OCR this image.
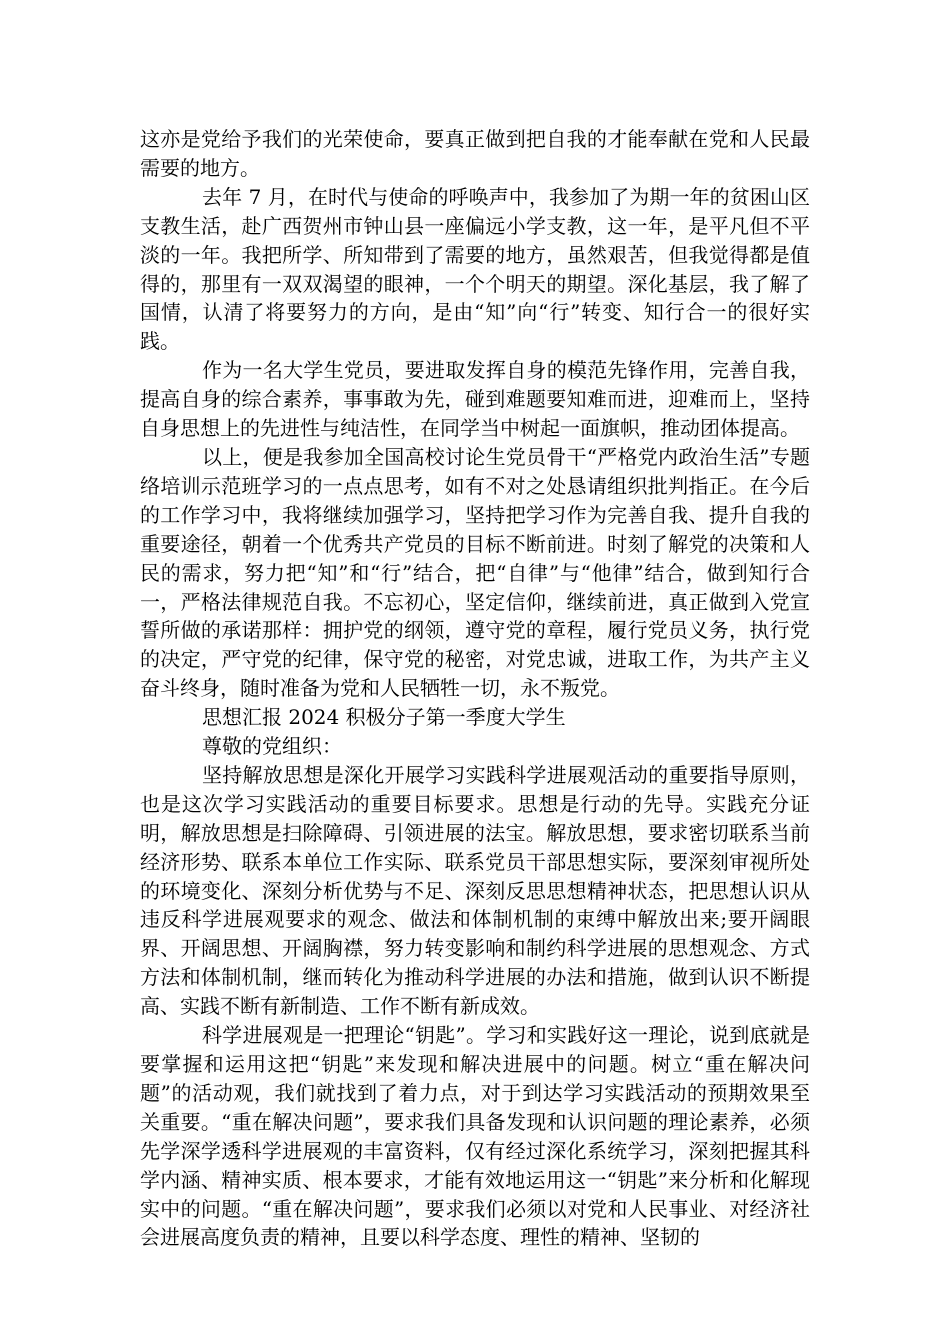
这亦是党给予我们的光荣使命，要真正做到把自我的才能奉献在党和人民最需要的地方。

去年 7 月，在时代与使命的呼唤声中，我参加了为期一年的贫困山区支教生活，赴广西贺州市钟山县一座偏远小学支教，这一年，是平凡但不平淡的一年。我把所学、所知带到了需要的地方，虽然艰苦，但我觉得都是值得的，那里有一双双渴望的眼神，一个个明天的期望。深化基层，我了解了国情，认清了将要努力的方向，是由“知”向“行”转变、知行合一的很好实践。

作为一名大学生党员，要进取发挥自身的模范先锋作用，完善自我，提高自身的综合素养，事事敢为先，碰到难题要知难而进，迎难而上，坚持自身思想上的先进性与纯洁性，在同学当中树起一面旗帜，推动团体提高。

以上，便是我参加全国高校讨论生党员骨干“严格党内政治生活”专题络培训示范班学习的一点点思考，如有不对之处恳请组织批判指正。在今后的工作学习中，我将继续加强学习，坚持把学习作为完善自我、提升自我的重要途径，朝着一个优秀共产党员的目标不断前进。时刻了解党的决策和人民的需求，努力把“知”和“行”结合，把“自律”与“他律”结合，做到知行合一，严格法律规范自我。不忘初心，坚定信仰，继续前进，真正做到入党宣誓所做的承诺那样：拥护党的纲领，遵守党的章程，履行党员义务，执行党的决定，严守党的纪律，保守党的秘密，对党忠诚，进取工作，为共产主义奋斗终身，随时准备为党和人民牺牲一切，永不叛党。

思想汇报 2024 积极分子第一季度大学生

尊敬的党组织：

坚持解放思想是深化开展学习实践科学进展观活动的重要指导原则，也是这次学习实践活动的重要目标要求。思想是行动的先导。实践充分证明，解放思想是扫除障碍、引领进展的法宝。解放思想，要求密切联系当前经济形势、联系本单位工作实际、联系党员干部思想实际，要深刻审视所处的环境变化、深刻分析优势与不足、深刻反思思想精神状态，把思想认识从违反科学进展观要求的观念、做法和体制机制的束缚中解放出来;要开阔眼界、开阔思想、开阔胸襟，努力转变影响和制约科学进展的思想观念、方式方法和体制机制，继而转化为推动科学进展的办法和措施，做到认识不断提高、实践不断有新制造、工作不断有新成效。

科学进展观是一把理论“钥匙”。学习和实践好这一理论，说到底就是要掌握和运用这把“钥匙”来发现和解决进展中的问题。树立“重在解决问题”的活动观，我们就找到了着力点，对于到达学习实践活动的预期效果至关重要。“重在解决问题”，要求我们具备发现和认识问题的理论素养，必须先学深学透科学进展观的丰富资料，仅有经过深化系统学习，深刻把握其科学内涵、精神实质、根本要求，才能有效地运用这一“钥匙”来分析和化解现实中的问题。“重在解决问题”，要求我们必须以对党和人民事业、对经济社会进展高度负责的精神，且要以科学态度、理性的精神、坚韧的
